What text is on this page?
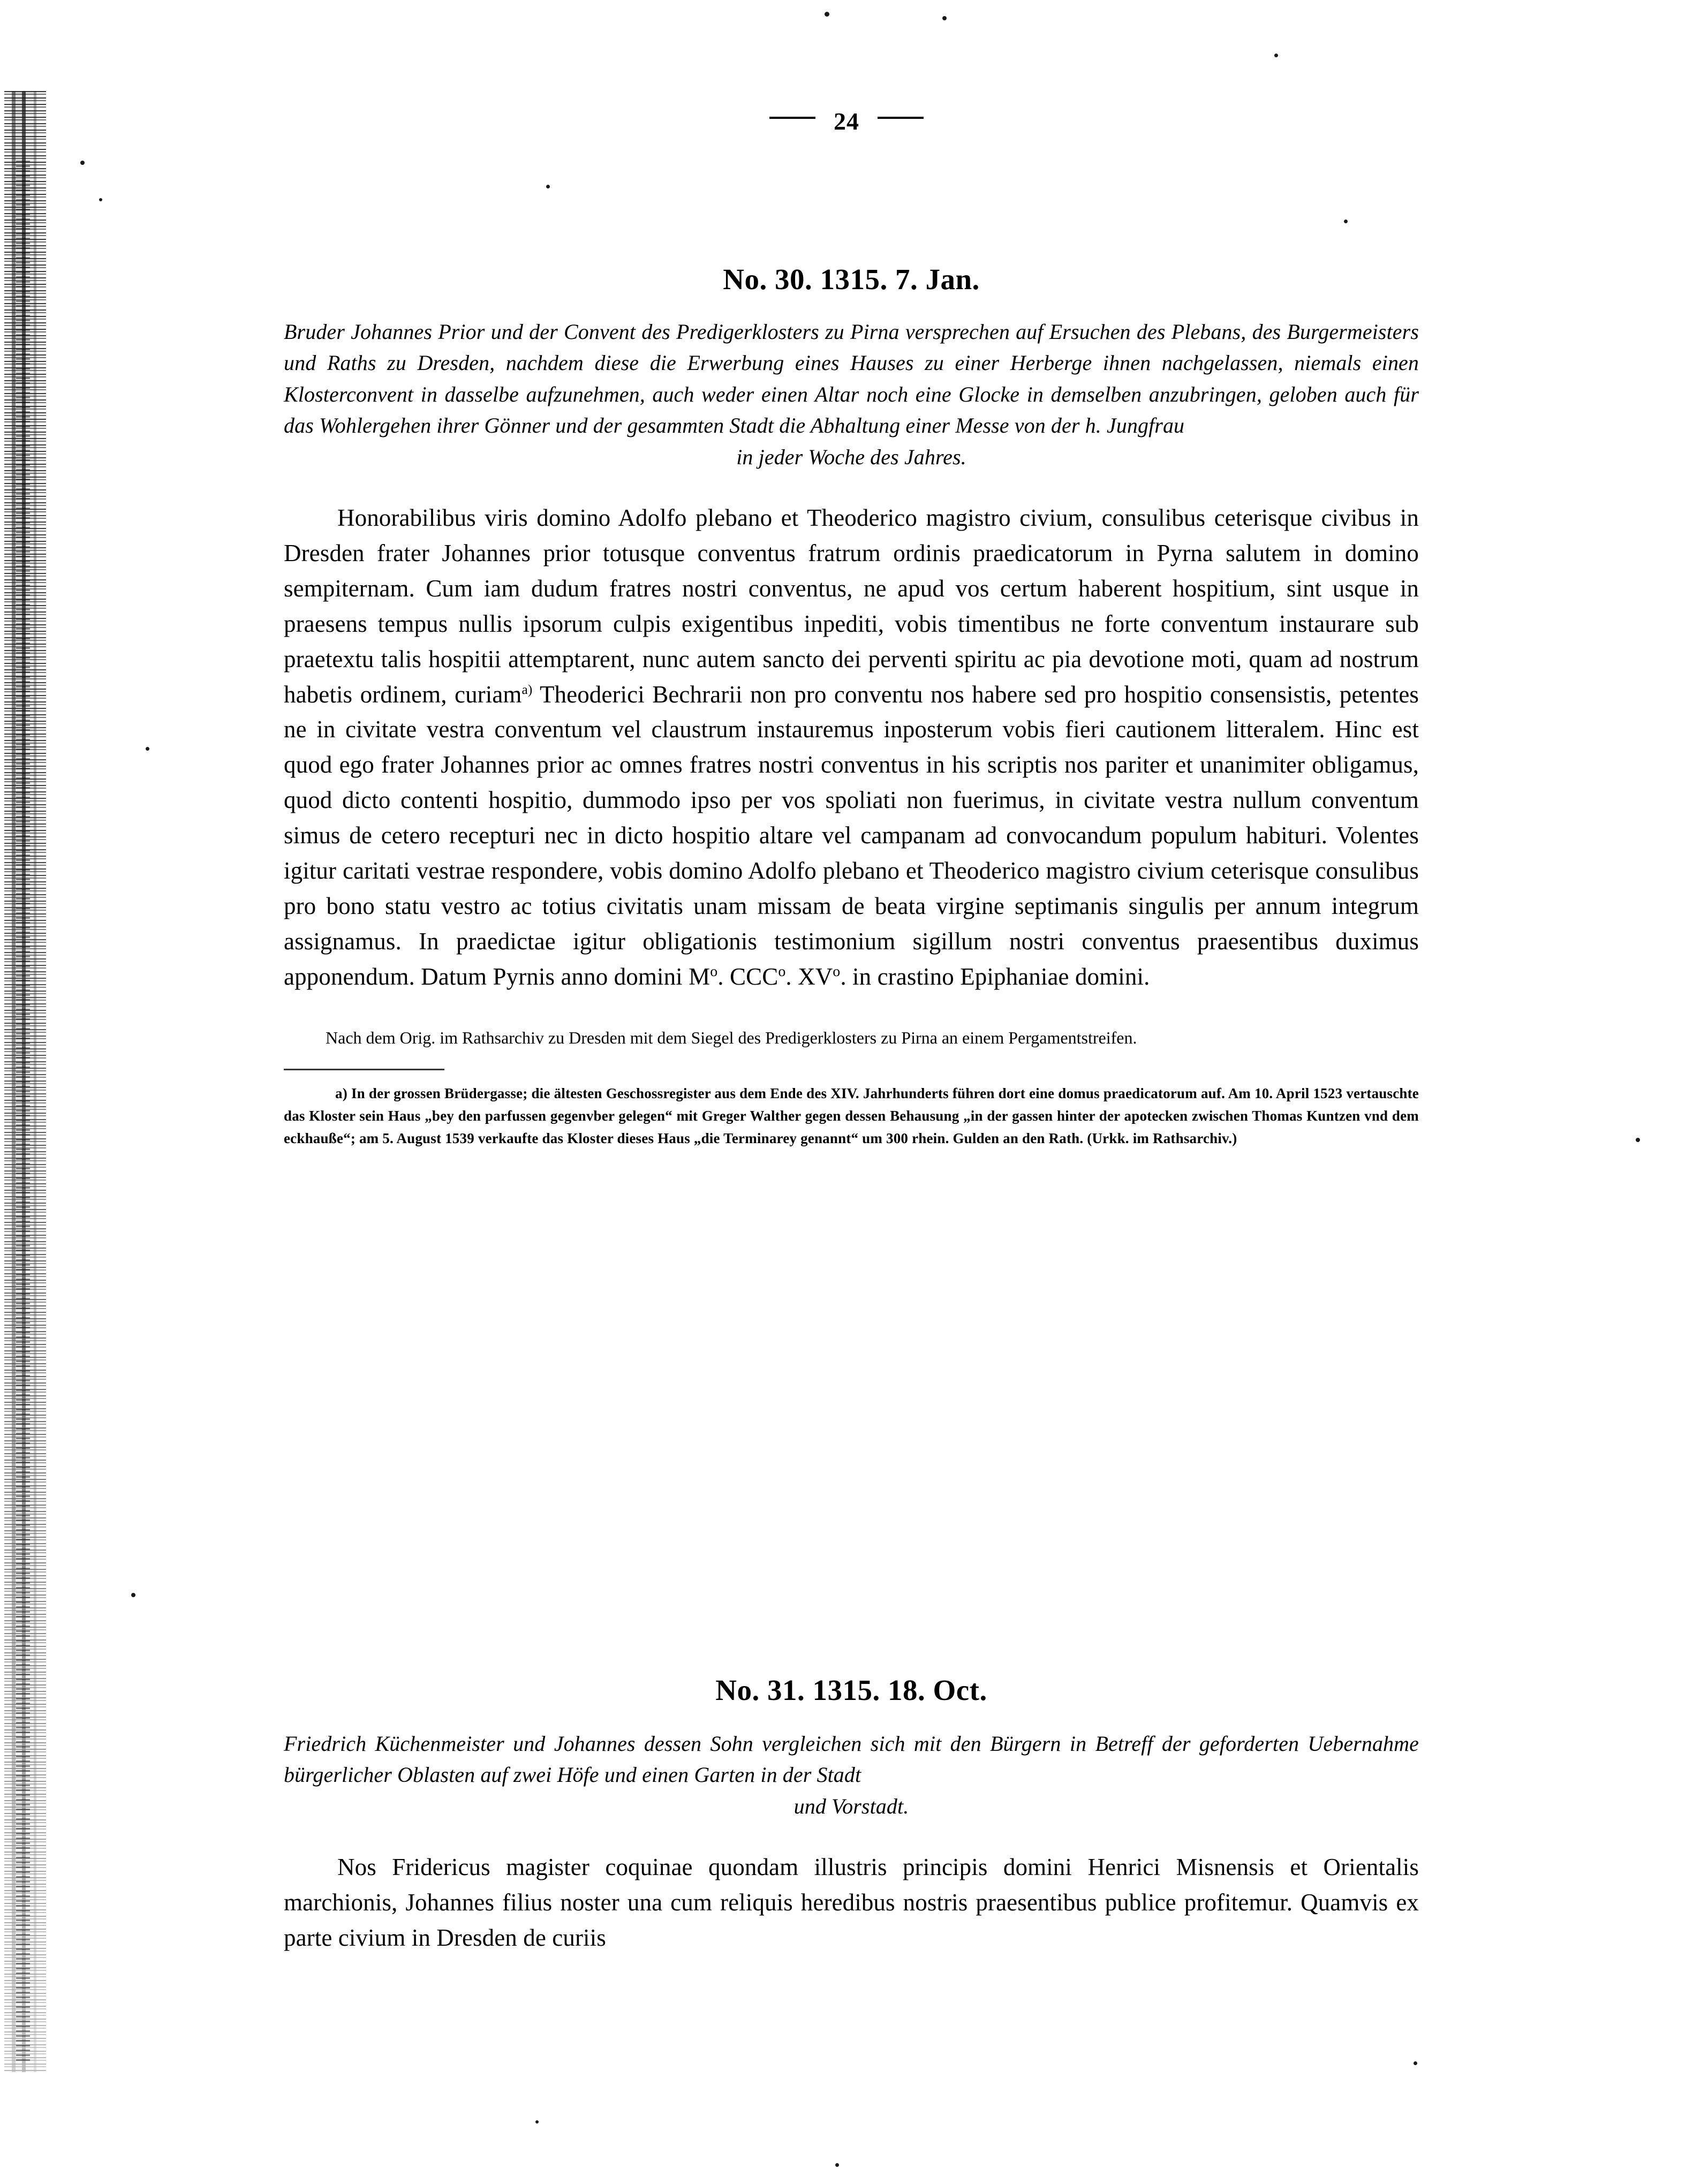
24
No. 30. 1315. 7. Jan.
Bruder Johannes Prior und der Convent des Predigerklosters zu Pirna versprechen auf Ersuchen des Plebans, des Burgermeisters und Raths zu Dresden, nachdem diese die Erwerbung eines Hauses zu einer Herberge ihnen nachgelassen, niemals einen Klosterconvent in dasselbe aufzunehmen, auch weder einen Altar noch eine Glocke in demselben anzubringen, geloben auch für das Wohlergehen ihrer Gönner und der gesammten Stadt die Abhaltung einer Messe von der h. Jungfrau
in jeder Woche des Jahres.
Honorabilibus viris domino Adolfo plebano et Theoderico magistro civium, consulibus ceterisque civibus in Dresden frater Johannes prior totusque conventus fratrum ordinis praedicatorum in Pyrna salutem in domino sempiternam. Cum iam dudum fratres nostri conventus, ne apud vos certum haberent hospitium, sint usque in praesens tempus nullis ipsorum culpis exigentibus inpediti, vobis timentibus ne forte conventum instaurare sub praetextu talis hospitii attemptarent, nunc autem sancto dei perventi spiritu ac pia devotione moti, quam ad nostrum habetis ordinem, curiam$^{a)}$ Theoderici Bechrarii non pro conventu nos habere sed pro hospitio consensistis, petentes ne in civitate vestra conventum vel claustrum instauremus inposterum vobis fieri cautionem litteralem. Hinc est quod ego frater Johannes prior ac omnes fratres nostri conventus in his scriptis nos pariter et unanimiter obligamus, quod dicto contenti hospitio, dummodo ipso per vos spoliati non fuerimus, in civitate vestra nullum conventum simus de cetero recepturi nec in dicto hospitio altare vel campanam ad convocandum populum habituri. Volentes igitur caritati vestrae respondere, vobis domino Adolfo plebano et Theoderico magistro civium ceterisque consulibus pro bono statu vestro ac totius civitatis unam missam de beata virgine septimanis singulis per annum integrum assignamus. In praedictae igitur obligationis testimonium sigillum nostri conventus praesentibus duximus apponendum. Datum Pyrnis anno domini $M^o$. CCC$^o$. $XV^o$. in crastino Epiphaniae domini.
Nach dem Orig. im Rathsarchiv zu Dresden mit dem Siegel des Predigerklosters zu Pirna an einem Pergamentstreifen.
a) In der grossen Brüdergasse; die ältesten Geschossregister aus dem Ende des XIV. Jahrhunderts führen dort eine domus praedicatorum auf. Am 10. April 1523 vertauschte das Kloster sein Haus „bey den parfussen gegenvber gelegen“ mit Greger Walther gegen dessen Behausung „in der gassen hinter der apotecken zwischen Thomas Kuntzen vnd dem eckhauße“; am 5. August 1539 verkaufte das Kloster dieses Haus „die Terminarey genannt“ um 300 rhein. Gulden an den Rath. (Urkk. im Rathsarchiv.)
No. 31. 1315. 18. Oct.
Friedrich Küchenmeister und Johannes dessen Sohn vergleichen sich mit den Bürgern in Betreff der geforderten Uebernahme bürgerlicher Oblasten auf zwei Höfe und einen Garten in der Stadt
und Vorstadt.
Nos Fridericus magister coquinae quondam illustris principis domini Henrici Misnensis et Orientalis marchionis, Johannes filius noster una cum reliquis heredibus nostris praesentibus publice profitemur. Quamvis ex parte civium in Dresden de curiis
